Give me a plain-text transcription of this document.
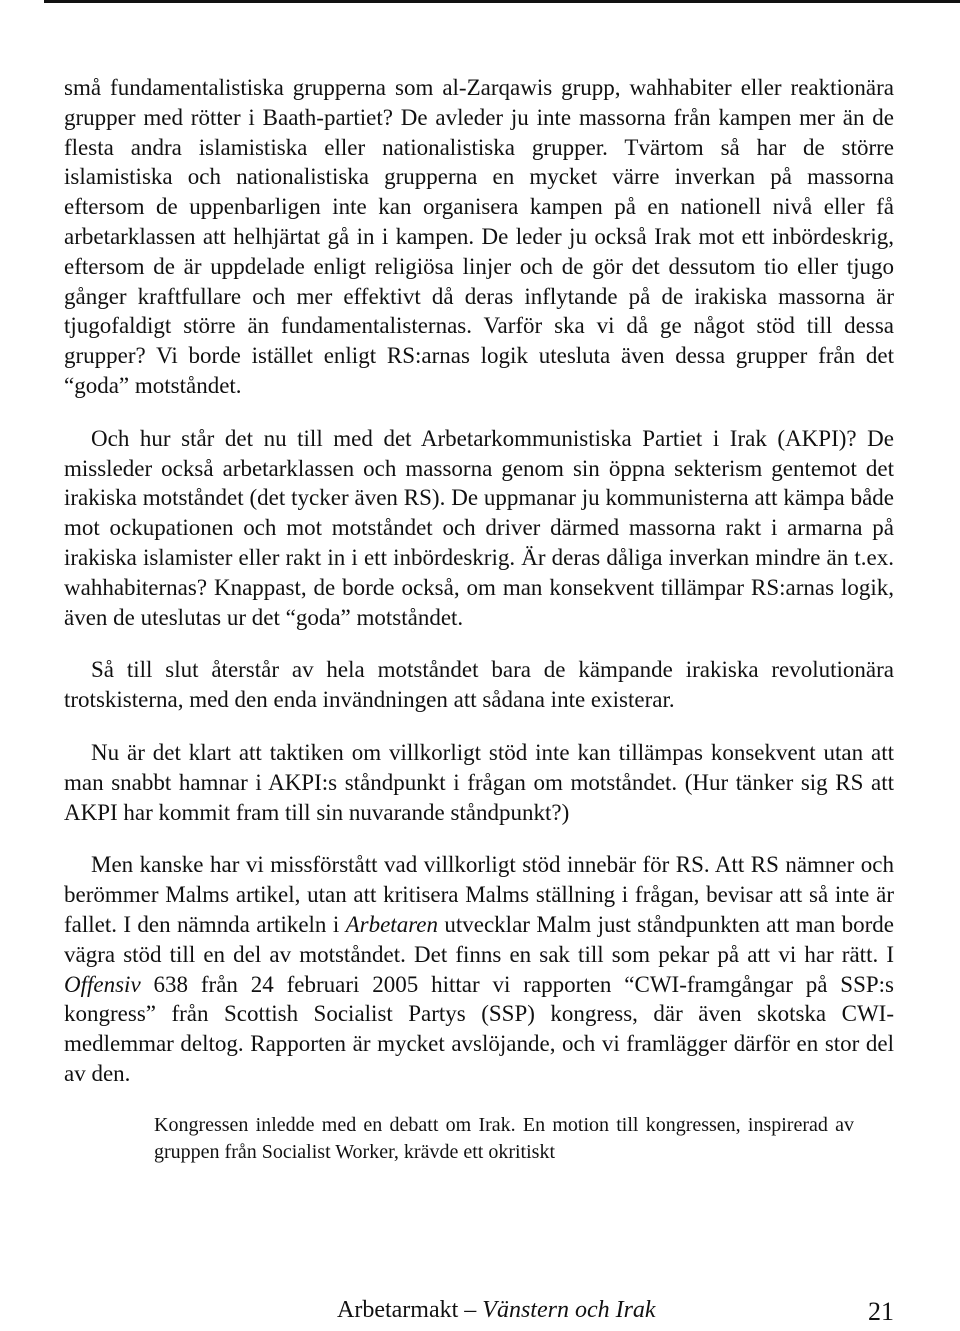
små fundamentalistiska grupperna som al-Zarqawis grupp, wahhabiter eller reaktionära grupper med rötter i Baath-partiet? De avleder ju inte massorna från kampen mer än de flesta andra islamistiska eller nationalistiska grupper. Tvärtom så har de större islamistiska och nationalistiska grupperna en mycket värre inverkan på massorna eftersom de uppenbarligen inte kan organisera kampen på en nationell nivå eller få arbetarklassen att helhjärtat gå in i kampen. De leder ju också Irak mot ett inbördeskrig, eftersom de är uppdelade enligt religiösa linjer och de gör det dessutom tio eller tjugo gånger kraftfullare och mer effektivt då deras inflytande på de irakiska massorna är tjugofaldigt större än fundamentalisternas. Varför ska vi då ge något stöd till dessa grupper? Vi borde istället enligt RS:arnas logik utesluta även dessa grupper från det “goda” motståndet.

Och hur står det nu till med det Arbetarkommunistiska Partiet i Irak (AKPI)? De missleder också arbetarklassen och massorna genom sin öppna sekterism gentemot det irakiska motståndet (det tycker även RS). De uppmanar ju kommunisterna att kämpa både mot ockupationen och mot motståndet och driver därmed massorna rakt i armarna på irakiska islamister eller rakt in i ett inbördeskrig. Är deras dåliga inverkan mindre än t.ex. wahhabiternas? Knappast, de borde också, om man konsekvent tillämpar RS:arnas logik, även de uteslutas ur det “goda” motståndet.

Så till slut återstår av hela motståndet bara de kämpande irakiska revolutionära trotskisterna, med den enda invändningen att sådana inte existerar.

Nu är det klart att taktiken om villkorligt stöd inte kan tillämpas konsekvent utan att man snabbt hamnar i AKPI:s ståndpunkt i frågan om motståndet. (Hur tänker sig RS att AKPI har kommit fram till sin nuvarande ståndpunkt?)

Men kanske har vi missförstått vad villkorligt stöd innebär för RS. Att RS nämner och berömmer Malms artikel, utan att kritisera Malms ställning i frågan, bevisar att så inte är fallet. I den nämnda artikeln i Arbetaren utvecklar Malm just ståndpunkten att man borde vägra stöd till en del av motståndet. Det finns en sak till som pekar på att vi har rätt. I Offensiv 638 från 24 februari 2005 hittar vi rapporten “CWI-framgångar på SSP:s kongress” från Scottish Socialist Partys (SSP) kongress, där även skotska CWI-medlemmar deltog. Rapporten är mycket avslöjande, och vi framlägger därför en stor del av den.

Kongressen inledde med en debatt om Irak. En motion till kongressen, inspirerad av gruppen från Socialist Worker, krävde ett okritiskt

Arbetarmakt – Vänstern och Irak	21
